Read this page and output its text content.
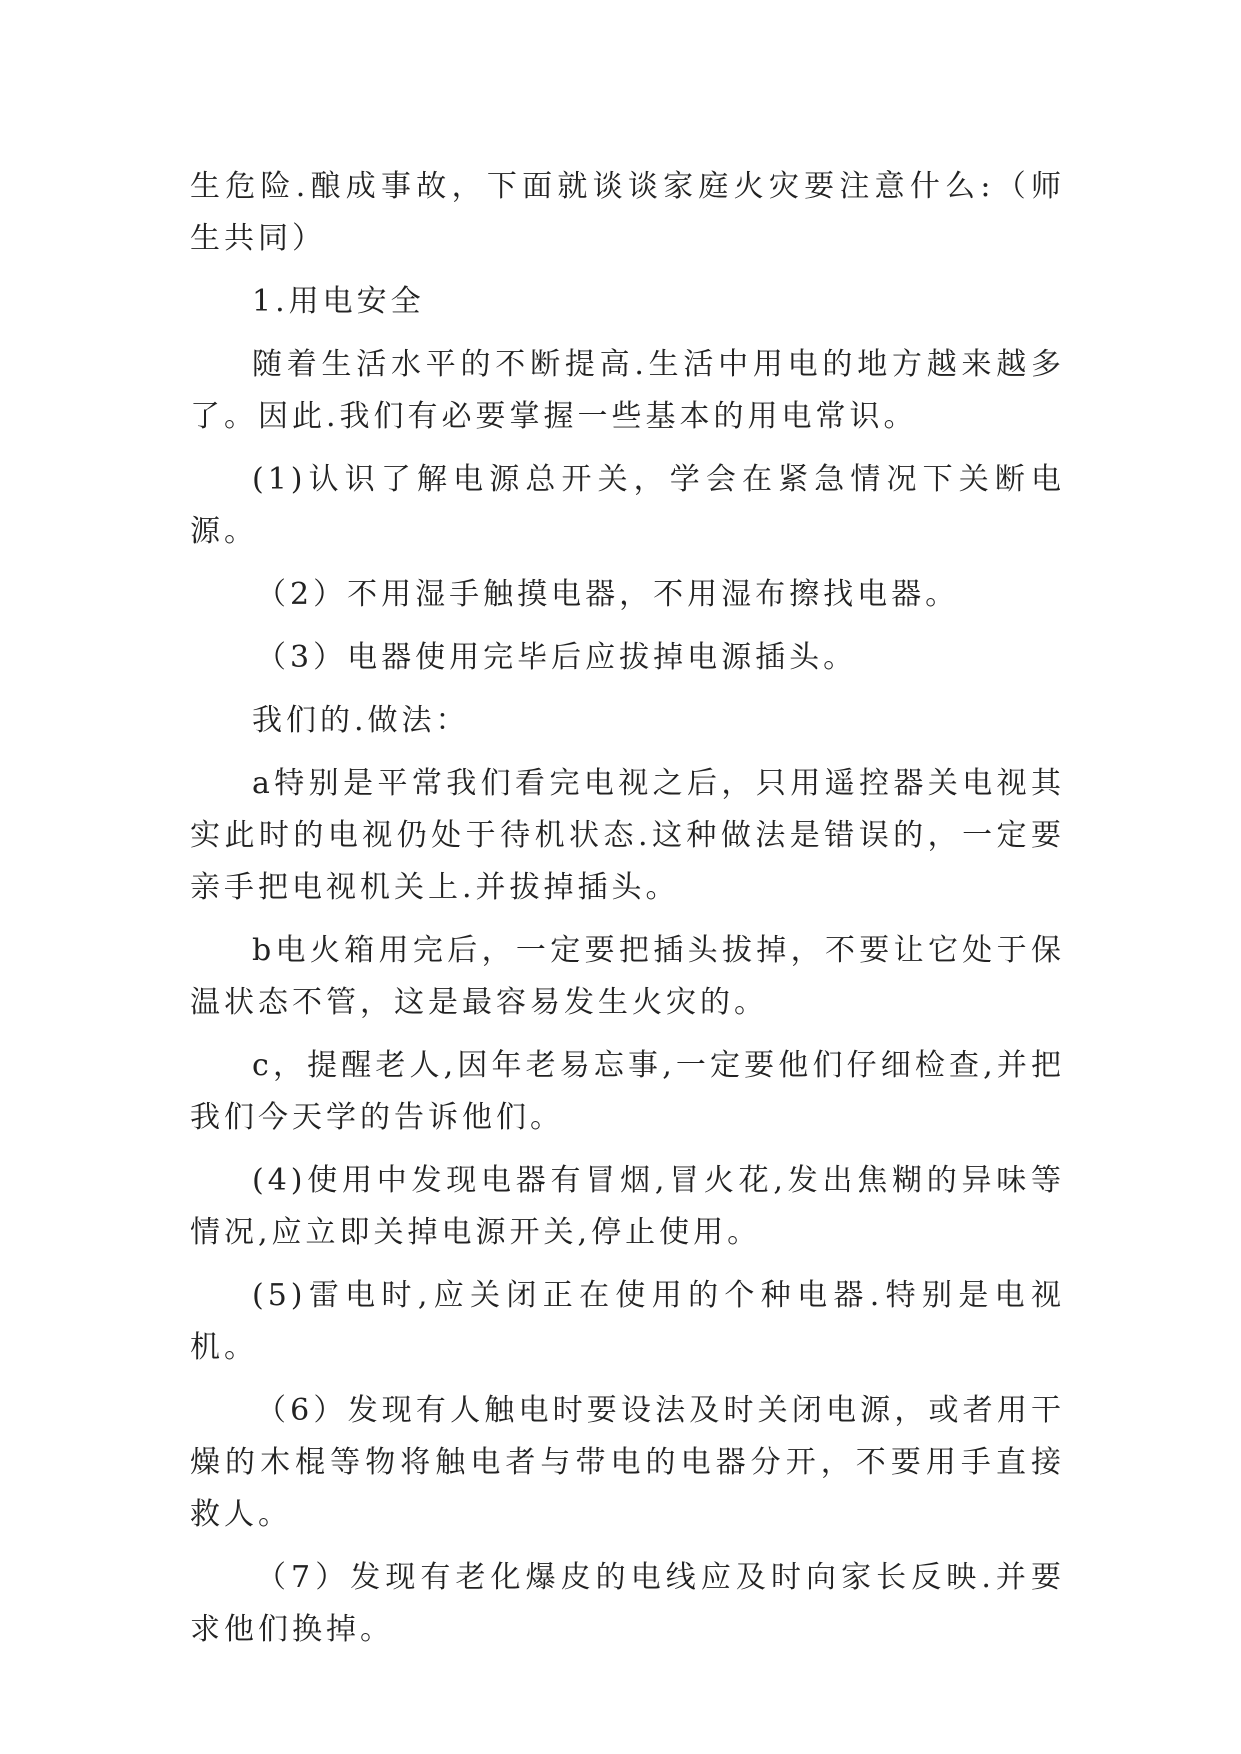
生危险.酿成事故，下面就谈谈家庭火灾要注意什么:（师生共同）

1.用电安全

随着生活水平的不断提高.生活中用电的地方越来越多了。因此.我们有必要掌握一些基本的用电常识。

(1)认识了解电源总开关，学会在紧急情况下关断电源。

（2）不用湿手触摸电器，不用湿布擦找电器。

（3）电器使用完毕后应拔掉电源插头。

我们的.做法：

a特别是平常我们看完电视之后，只用遥控器关电视其实此时的电视仍处于待机状态.这种做法是错误的，一定要亲手把电视机关上.并拔掉插头。

b电火箱用完后，一定要把插头拔掉，不要让它处于保温状态不管，这是最容易发生火灾的。

c，提醒老人,因年老易忘事,一定要他们仔细检查,并把我们今天学的告诉他们。

(4)使用中发现电器有冒烟,冒火花,发出焦糊的异味等情况,应立即关掉电源开关,停止使用。

(5)雷电时,应关闭正在使用的个种电器.特别是电视机。

（6）发现有人触电时要设法及时关闭电源，或者用干燥的木棍等物将触电者与带电的电器分开，不要用手直接救人。

（7）发现有老化爆皮的电线应及时向家长反映.并要求他们换掉。
